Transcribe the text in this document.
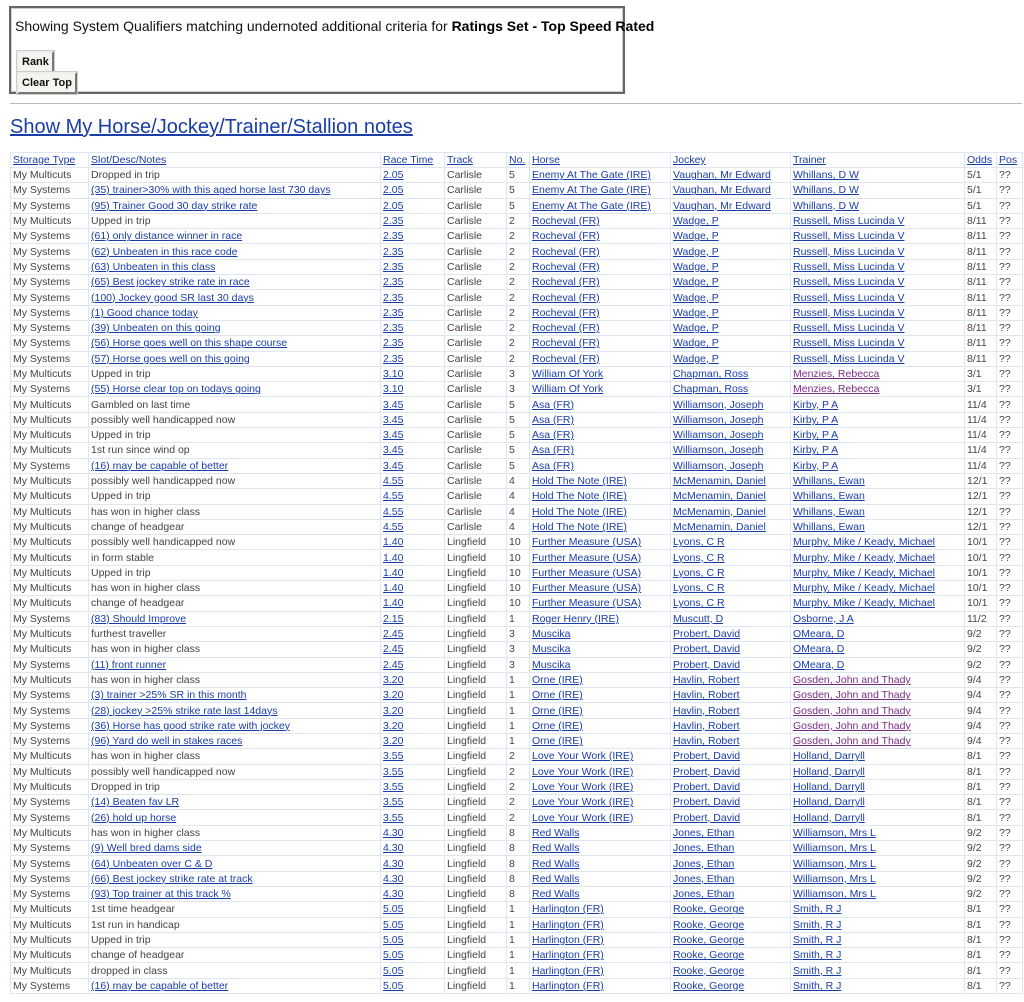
Showing System Qualifiers matching undernoted additional criteria for Ratings Set - Top Speed Rated
Rank
Clear Top
Show My Horse/Jockey/Trainer/Stallion notes
Storage Type	Slot/Desc/Notes	Race Time	Track	No.	Horse	Jockey	Trainer	Odds	Pos
My Multicuts	Dropped in trip	2.05	Carlisle	5	Enemy At The Gate (IRE)	Vaughan, Mr Edward	Whillans, D W	5/1	??
My Systems	(35) trainer>30% with this aged horse last 730 days	2.05	Carlisle	5	Enemy At The Gate (IRE)	Vaughan, Mr Edward	Whillans, D W	5/1	??
My Systems	(95) Trainer Good 30 day strike rate	2.05	Carlisle	5	Enemy At The Gate (IRE)	Vaughan, Mr Edward	Whillans, D W	5/1	??
My Multicuts	Upped in trip	2.35	Carlisle	2	Rocheval (FR)	Wadge, P	Russell, Miss Lucinda V	8/11	??
My Systems	(61) only distance winner in race	2.35	Carlisle	2	Rocheval (FR)	Wadge, P	Russell, Miss Lucinda V	8/11	??
My Systems	(62) Unbeaten in this race code	2.35	Carlisle	2	Rocheval (FR)	Wadge, P	Russell, Miss Lucinda V	8/11	??
My Systems	(63) Unbeaten in this class	2.35	Carlisle	2	Rocheval (FR)	Wadge, P	Russell, Miss Lucinda V	8/11	??
My Systems	(65) Best jockey strike rate in race	2.35	Carlisle	2	Rocheval (FR)	Wadge, P	Russell, Miss Lucinda V	8/11	??
My Systems	(100) Jockey good SR last 30 days	2.35	Carlisle	2	Rocheval (FR)	Wadge, P	Russell, Miss Lucinda V	8/11	??
My Systems	(1) Good chance today	2.35	Carlisle	2	Rocheval (FR)	Wadge, P	Russell, Miss Lucinda V	8/11	??
My Systems	(39) Unbeaten on this going	2.35	Carlisle	2	Rocheval (FR)	Wadge, P	Russell, Miss Lucinda V	8/11	??
My Systems	(56) Horse goes well on this shape course	2.35	Carlisle	2	Rocheval (FR)	Wadge, P	Russell, Miss Lucinda V	8/11	??
My Systems	(57) Horse goes well on this going	2.35	Carlisle	2	Rocheval (FR)	Wadge, P	Russell, Miss Lucinda V	8/11	??
My Multicuts	Upped in trip	3.10	Carlisle	3	William Of York	Chapman, Ross	Menzies, Rebecca	3/1	??
My Systems	(55) Horse clear top on todays going	3.10	Carlisle	3	William Of York	Chapman, Ross	Menzies, Rebecca	3/1	??
My Multicuts	Gambled on last time	3.45	Carlisle	5	Asa (FR)	Williamson, Joseph	Kirby, P A	11/4	??
My Multicuts	possibly well handicapped now	3.45	Carlisle	5	Asa (FR)	Williamson, Joseph	Kirby, P A	11/4	??
My Multicuts	Upped in trip	3.45	Carlisle	5	Asa (FR)	Williamson, Joseph	Kirby, P A	11/4	??
My Multicuts	1st run since wind op	3.45	Carlisle	5	Asa (FR)	Williamson, Joseph	Kirby, P A	11/4	??
My Systems	(16) may be capable of better	3.45	Carlisle	5	Asa (FR)	Williamson, Joseph	Kirby, P A	11/4	??
My Multicuts	possibly well handicapped now	4.55	Carlisle	4	Hold The Note (IRE)	McMenamin, Daniel	Whillans, Ewan	12/1	??
My Multicuts	Upped in trip	4.55	Carlisle	4	Hold The Note (IRE)	McMenamin, Daniel	Whillans, Ewan	12/1	??
My Multicuts	has won in higher class	4.55	Carlisle	4	Hold The Note (IRE)	McMenamin, Daniel	Whillans, Ewan	12/1	??
My Multicuts	change of headgear	4.55	Carlisle	4	Hold The Note (IRE)	McMenamin, Daniel	Whillans, Ewan	12/1	??
My Multicuts	possibly well handicapped now	1.40	Lingfield	10	Further Measure (USA)	Lyons, C R	Murphy, Mike / Keady, Michael	10/1	??
My Multicuts	in form stable	1.40	Lingfield	10	Further Measure (USA)	Lyons, C R	Murphy, Mike / Keady, Michael	10/1	??
My Multicuts	Upped in trip	1.40	Lingfield	10	Further Measure (USA)	Lyons, C R	Murphy, Mike / Keady, Michael	10/1	??
My Multicuts	has won in higher class	1.40	Lingfield	10	Further Measure (USA)	Lyons, C R	Murphy, Mike / Keady, Michael	10/1	??
My Multicuts	change of headgear	1.40	Lingfield	10	Further Measure (USA)	Lyons, C R	Murphy, Mike / Keady, Michael	10/1	??
My Systems	(83) Should Improve	2.15	Lingfield	1	Roger Henry (IRE)	Muscutt, D	Osborne, J A	11/2	??
My Multicuts	furthest traveller	2.45	Lingfield	3	Muscika	Probert, David	OMeara, D	9/2	??
My Multicuts	has won in higher class	2.45	Lingfield	3	Muscika	Probert, David	OMeara, D	9/2	??
My Systems	(11) front runner	2.45	Lingfield	3	Muscika	Probert, David	OMeara, D	9/2	??
My Multicuts	has won in higher class	3.20	Lingfield	1	Orne (IRE)	Havlin, Robert	Gosden, John and Thady	9/4	??
My Systems	(3) trainer >25% SR in this month	3.20	Lingfield	1	Orne (IRE)	Havlin, Robert	Gosden, John and Thady	9/4	??
My Systems	(28) jockey >25% strike rate last 14days	3.20	Lingfield	1	Orne (IRE)	Havlin, Robert	Gosden, John and Thady	9/4	??
My Systems	(36) Horse has good strike rate with jockey	3.20	Lingfield	1	Orne (IRE)	Havlin, Robert	Gosden, John and Thady	9/4	??
My Systems	(96) Yard do well in stakes races	3.20	Lingfield	1	Orne (IRE)	Havlin, Robert	Gosden, John and Thady	9/4	??
My Multicuts	has won in higher class	3.55	Lingfield	2	Love Your Work (IRE)	Probert, David	Holland, Darryll	8/1	??
My Multicuts	possibly well handicapped now	3.55	Lingfield	2	Love Your Work (IRE)	Probert, David	Holland, Darryll	8/1	??
My Multicuts	Dropped in trip	3.55	Lingfield	2	Love Your Work (IRE)	Probert, David	Holland, Darryll	8/1	??
My Systems	(14) Beaten fav LR	3.55	Lingfield	2	Love Your Work (IRE)	Probert, David	Holland, Darryll	8/1	??
My Systems	(26) hold up horse	3.55	Lingfield	2	Love Your Work (IRE)	Probert, David	Holland, Darryll	8/1	??
My Multicuts	has won in higher class	4.30	Lingfield	8	Red Walls	Jones, Ethan	Williamson, Mrs L	9/2	??
My Systems	(9) Well bred dams side	4.30	Lingfield	8	Red Walls	Jones, Ethan	Williamson, Mrs L	9/2	??
My Systems	(64) Unbeaten over C & D	4.30	Lingfield	8	Red Walls	Jones, Ethan	Williamson, Mrs L	9/2	??
My Systems	(66) Best jockey strike rate at track	4.30	Lingfield	8	Red Walls	Jones, Ethan	Williamson, Mrs L	9/2	??
My Systems	(93) Top trainer at this track %	4.30	Lingfield	8	Red Walls	Jones, Ethan	Williamson, Mrs L	9/2	??
My Multicuts	1st time headgear	5.05	Lingfield	1	Harlington (FR)	Rooke, George	Smith, R J	8/1	??
My Multicuts	1st run in handicap	5.05	Lingfield	1	Harlington (FR)	Rooke, George	Smith, R J	8/1	??
My Multicuts	Upped in trip	5.05	Lingfield	1	Harlington (FR)	Rooke, George	Smith, R J	8/1	??
My Multicuts	change of headgear	5.05	Lingfield	1	Harlington (FR)	Rooke, George	Smith, R J	8/1	??
My Multicuts	dropped in class	5.05	Lingfield	1	Harlington (FR)	Rooke, George	Smith, R J	8/1	??
My Systems	(16) may be capable of better	5.05	Lingfield	1	Harlington (FR)	Rooke, George	Smith, R J	8/1	??
